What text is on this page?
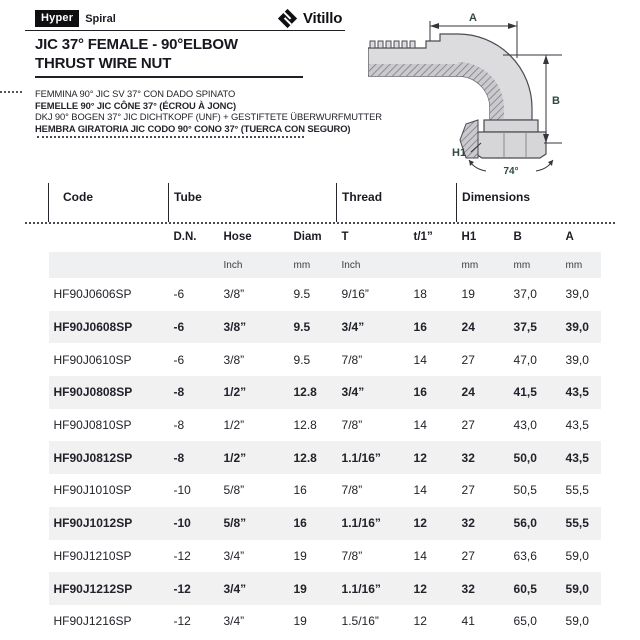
Hyper	Spiral	Vitillo
JIC 37° FEMALE - 90°ELBOW
THRUST WIRE NUT
FEMMINA 90° JIC SV 37° CON DADO SPINATO
FEMELLE 90° JIC CÔNE 37° (ÉCROU À JONC)
DKJ 90° BOGEN 37° JIC DICHTKOPF (UNF) + GESTIFTETE ÜBERWURFMUTTER
HEMBRA GIRATORIA JIC CODO 90° CONO 37° (TUERCA CON SEGURO)
A
B
H1
74°
Code	Tube			Thread		Dimensions		
	D.N.	Hose	Diam	T	t/1”	H1	B	A
		Inch	mm	Inch		mm	mm	mm
HF90J0606SP	-6	3/8”	9.5	9/16”	18	19	37,0	39,0
HF90J0608SP	-6	3/8”	9.5	3/4”	16	24	37,5	39,0
HF90J0610SP	-6	3/8”	9.5	7/8”	14	27	47,0	39,0
HF90J0808SP	-8	1/2”	12.8	3/4”	16	24	41,5	43,5
HF90J0810SP	-8	1/2”	12.8	7/8”	14	27	43,0	43,5
HF90J0812SP	-8	1/2”	12.8	1.1/16”	12	32	50,0	43,5
HF90J1010SP	-10	5/8”	16	7/8”	14	27	50,5	55,5
HF90J1012SP	-10	5/8”	16	1.1/16”	12	32	56,0	55,5
HF90J1210SP	-12	3/4”	19	7/8”	14	27	63,6	59,0
HF90J1212SP	-12	3/4”	19	1.1/16”	12	32	60,5	59,0
HF90J1216SP	-12	3/4”	19	1.5/16”	12	41	65,0	59,0
